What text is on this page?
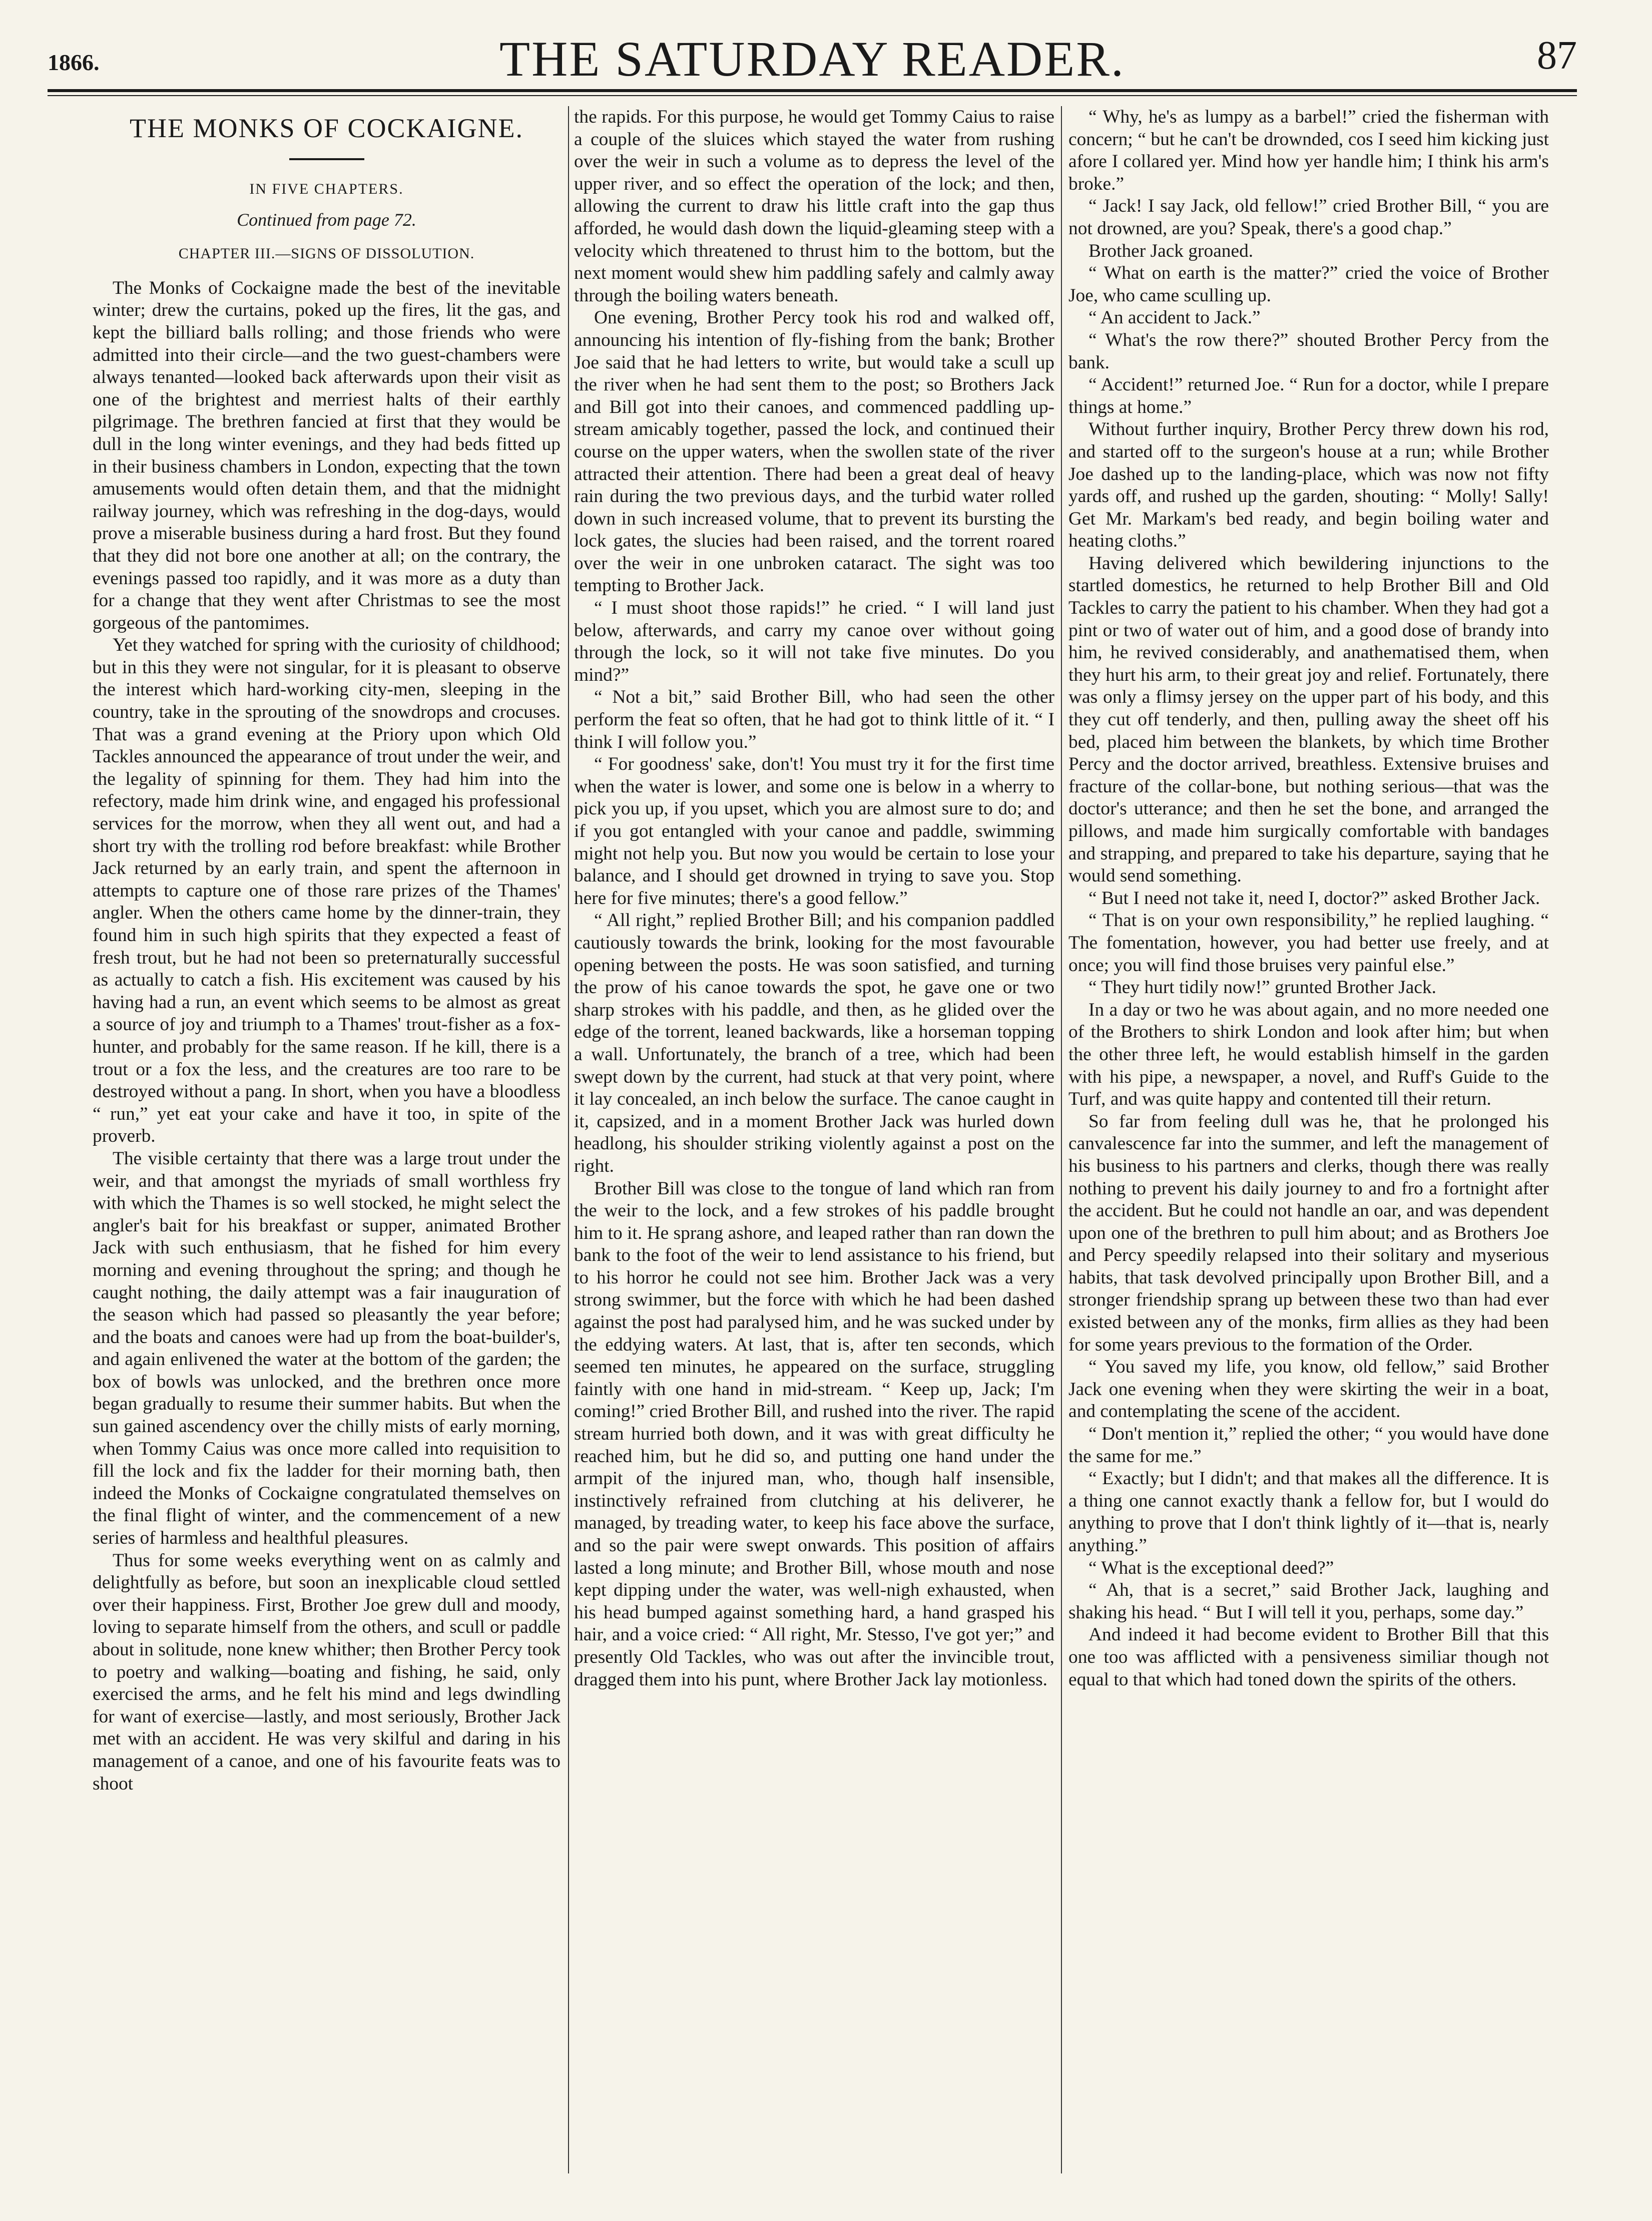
1866.	THE SATURDAY READER.	87
THE MONKS OF COCKAIGNE.
IN FIVE CHAPTERS.
Continued from page 72.
CHAPTER III.—SIGNS OF DISSOLUTION.

The Monks of Cockaigne made the best of the inevitable winter; drew the curtains, poked up the fires, lit the gas, and kept the billiard balls rolling; and those friends who were admitted into their circle—and the two guest-chambers were always tenanted—looked back afterwards upon their visit as one of the brightest and merriest halts of their earthly pilgrimage. The brethren fancied at first that they would be dull in the long winter evenings, and they had beds fitted up in their business chambers in London, expecting that the town amusements would often detain them, and that the midnight railway journey, which was refreshing in the dog-days, would prove a miserable business during a hard frost. But they found that they did not bore one another at all; on the contrary, the evenings passed too rapidly, and it was more as a duty than for a change that they went after Christmas to see the most gorgeous of the pantomimes.

Yet they watched for spring with the curiosity of childhood; but in this they were not singular, for it is pleasant to observe the interest which hard-working city-men, sleeping in the country, take in the sprouting of the snowdrops and crocuses. That was a grand evening at the Priory upon which Old Tackles announced the appearance of trout under the weir, and the legality of spinning for them. They had him into the refectory, made him drink wine, and engaged his professional services for the morrow, when they all went out, and had a short try with the trolling rod before breakfast: while Brother Jack returned by an early train, and spent the afternoon in attempts to capture one of those rare prizes of the Thames' angler. When the others came home by the dinner-train, they found him in such high spirits that they expected a feast of fresh trout, but he had not been so preternaturally successful as actually to catch a fish. His excitement was caused by his having had a run, an event which seems to be almost as great a source of joy and triumph to a Thames' trout-fisher as a fox-hunter, and probably for the same reason. If he kill, there is a trout or a fox the less, and the creatures are too rare to be destroyed without a pang. In short, when you have a bloodless “ run,” yet eat your cake and have it too, in spite of the proverb.

The visible certainty that there was a large trout under the weir, and that amongst the myriads of small worthless fry with which the Thames is so well stocked, he might select the angler's bait for his breakfast or supper, animated Brother Jack with such enthusiasm, that he fished for him every morning and evening throughout the spring; and though he caught nothing, the daily attempt was a fair inauguration of the season which had passed so pleasantly the year before; and the boats and canoes were had up from the boat-builder's, and again enlivened the water at the bottom of the garden; the box of bowls was unlocked, and the brethren once more began gradually to resume their summer habits. But when the sun gained ascendency over the chilly mists of early morning, when Tommy Caius was once more called into requisition to fill the lock and fix the ladder for their morning bath, then indeed the Monks of Cockaigne congratulated themselves on the final flight of winter, and the commencement of a new series of harmless and healthful pleasures.

Thus for some weeks everything went on as calmly and delightfully as before, but soon an inexplicable cloud settled over their happiness. First, Brother Joe grew dull and moody, loving to separate himself from the others, and scull or paddle about in solitude, none knew whither; then Brother Percy took to poetry and walking—boating and fishing, he said, only exercised the arms, and he felt his mind and legs dwindling for want of exercise—lastly, and most seriously, Brother Jack met with an accident. He was very skilful and daring in his management of a canoe, and one of his favourite feats was to shoot

the rapids. For this purpose, he would get Tommy Caius to raise a couple of the sluices which stayed the water from rushing over the weir in such a volume as to depress the level of the upper river, and so effect the operation of the lock; and then, allowing the current to draw his little craft into the gap thus afforded, he would dash down the liquid-gleaming steep with a velocity which threatened to thrust him to the bottom, but the next moment would shew him paddling safely and calmly away through the boiling waters beneath.

One evening, Brother Percy took his rod and walked off, announcing his intention of fly-fishing from the bank; Brother Joe said that he had letters to write, but would take a scull up the river when he had sent them to the post; so Brothers Jack and Bill got into their canoes, and commenced paddling up-stream amicably together, passed the lock, and continued their course on the upper waters, when the swollen state of the river attracted their attention. There had been a great deal of heavy rain during the two previous days, and the turbid water rolled down in such increased volume, that to prevent its bursting the lock gates, the slucies had been raised, and the torrent roared over the weir in one unbroken cataract. The sight was too tempting to Brother Jack.

“ I must shoot those rapids!” he cried. “ I will land just below, afterwards, and carry my canoe over without going through the lock, so it will not take five minutes. Do you mind?”

“ Not a bit,” said Brother Bill, who had seen the other perform the feat so often, that he had got to think little of it. “ I think I will follow you.”

“ For goodness' sake, don't! You must try it for the first time when the water is lower, and some one is below in a wherry to pick you up, if you upset, which you are almost sure to do; and if you got entangled with your canoe and paddle, swimming might not help you. But now you would be certain to lose your balance, and I should get drowned in trying to save you. Stop here for five minutes; there's a good fellow.”

“ All right,” replied Brother Bill; and his companion paddled cautiously towards the brink, looking for the most favourable opening between the posts. He was soon satisfied, and turning the prow of his canoe towards the spot, he gave one or two sharp strokes with his paddle, and then, as he glided over the edge of the torrent, leaned backwards, like a horseman topping a wall. Unfortunately, the branch of a tree, which had been swept down by the current, had stuck at that very point, where it lay concealed, an inch below the surface. The canoe caught in it, capsized, and in a moment Brother Jack was hurled down headlong, his shoulder striking violently against a post on the right.

Brother Bill was close to the tongue of land which ran from the weir to the lock, and a few strokes of his paddle brought him to it. He sprang ashore, and leaped rather than ran down the bank to the foot of the weir to lend assistance to his friend, but to his horror he could not see him. Brother Jack was a very strong swimmer, but the force with which he had been dashed against the post had paralysed him, and he was sucked under by the eddying waters. At last, that is, after ten seconds, which seemed ten minutes, he appeared on the surface, struggling faintly with one hand in mid-stream. “ Keep up, Jack; I'm coming!” cried Brother Bill, and rushed into the river. The rapid stream hurried both down, and it was with great difficulty he reached him, but he did so, and putting one hand under the armpit of the injured man, who, though half insensible, instinctively refrained from clutching at his deliverer, he managed, by treading water, to keep his face above the surface, and so the pair were swept onwards. This position of affairs lasted a long minute; and Brother Bill, whose mouth and nose kept dipping under the water, was well-nigh exhausted, when his head bumped against something hard, a hand grasped his hair, and a voice cried: “ All right, Mr. Stesso, I've got yer;” and presently Old Tackles, who was out after the invincible trout, dragged them into his punt, where Brother Jack lay motionless.

“ Why, he's as lumpy as a barbel!” cried the fisherman with concern; “ but he can't be drownded, cos I seed him kicking just afore I collared yer. Mind how yer handle him; I think his arm's broke.”

“ Jack! I say Jack, old fellow!” cried Brother Bill, “ you are not drowned, are you? Speak, there's a good chap.”

Brother Jack groaned.

“ What on earth is the matter?” cried the voice of Brother Joe, who came sculling up.

“ An accident to Jack.”

“ What's the row there?” shouted Brother Percy from the bank.

“ Accident!” returned Joe. “ Run for a doctor, while I prepare things at home.”

Without further inquiry, Brother Percy threw down his rod, and started off to the surgeon's house at a run; while Brother Joe dashed up to the landing-place, which was now not fifty yards off, and rushed up the garden, shouting: “ Molly! Sally! Get Mr. Markam's bed ready, and begin boiling water and heating cloths.”

Having delivered which bewildering injunctions to the startled domestics, he returned to help Brother Bill and Old Tackles to carry the patient to his chamber. When they had got a pint or two of water out of him, and a good dose of brandy into him, he revived considerably, and anathematised them, when they hurt his arm, to their great joy and relief. Fortunately, there was only a flimsy jersey on the upper part of his body, and this they cut off tenderly, and then, pulling away the sheet off his bed, placed him between the blankets, by which time Brother Percy and the doctor arrived, breathless. Extensive bruises and fracture of the collar-bone, but nothing serious—that was the doctor's utterance; and then he set the bone, and arranged the pillows, and made him surgically comfortable with bandages and strapping, and prepared to take his departure, saying that he would send something.

“ But I need not take it, need I, doctor?” asked Brother Jack.

“ That is on your own responsibility,” he replied laughing. “ The fomentation, however, you had better use freely, and at once; you will find those bruises very painful else.”

“ They hurt tidily now!” grunted Brother Jack.

In a day or two he was about again, and no more needed one of the Brothers to shirk London and look after him; but when the other three left, he would establish himself in the garden with his pipe, a newspaper, a novel, and Ruff's Guide to the Turf, and was quite happy and contented till their return.

So far from feeling dull was he, that he prolonged his canvalescence far into the summer, and left the management of his business to his partners and clerks, though there was really nothing to prevent his daily journey to and fro a fortnight after the accident. But he could not handle an oar, and was dependent upon one of the brethren to pull him about; and as Brothers Joe and Percy speedily relapsed into their solitary and myserious habits, that task devolved principally upon Brother Bill, and a stronger friendship sprang up between these two than had ever existed between any of the monks, firm allies as they had been for some years previous to the formation of the Order.

“ You saved my life, you know, old fellow,” said Brother Jack one evening when they were skirting the weir in a boat, and contemplating the scene of the accident.

“ Don't mention it,” replied the other; “ you would have done the same for me.”

“ Exactly; but I didn't; and that makes all the difference. It is a thing one cannot exactly thank a fellow for, but I would do anything to prove that I don't think lightly of it—that is, nearly anything.”

“ What is the exceptional deed?”

“ Ah, that is a secret,” said Brother Jack, laughing and shaking his head. “ But I will tell it you, perhaps, some day.”

And indeed it had become evident to Brother Bill that this one too was afflicted with a pensiveness similiar though not equal to that which had toned down the spirits of the others.
